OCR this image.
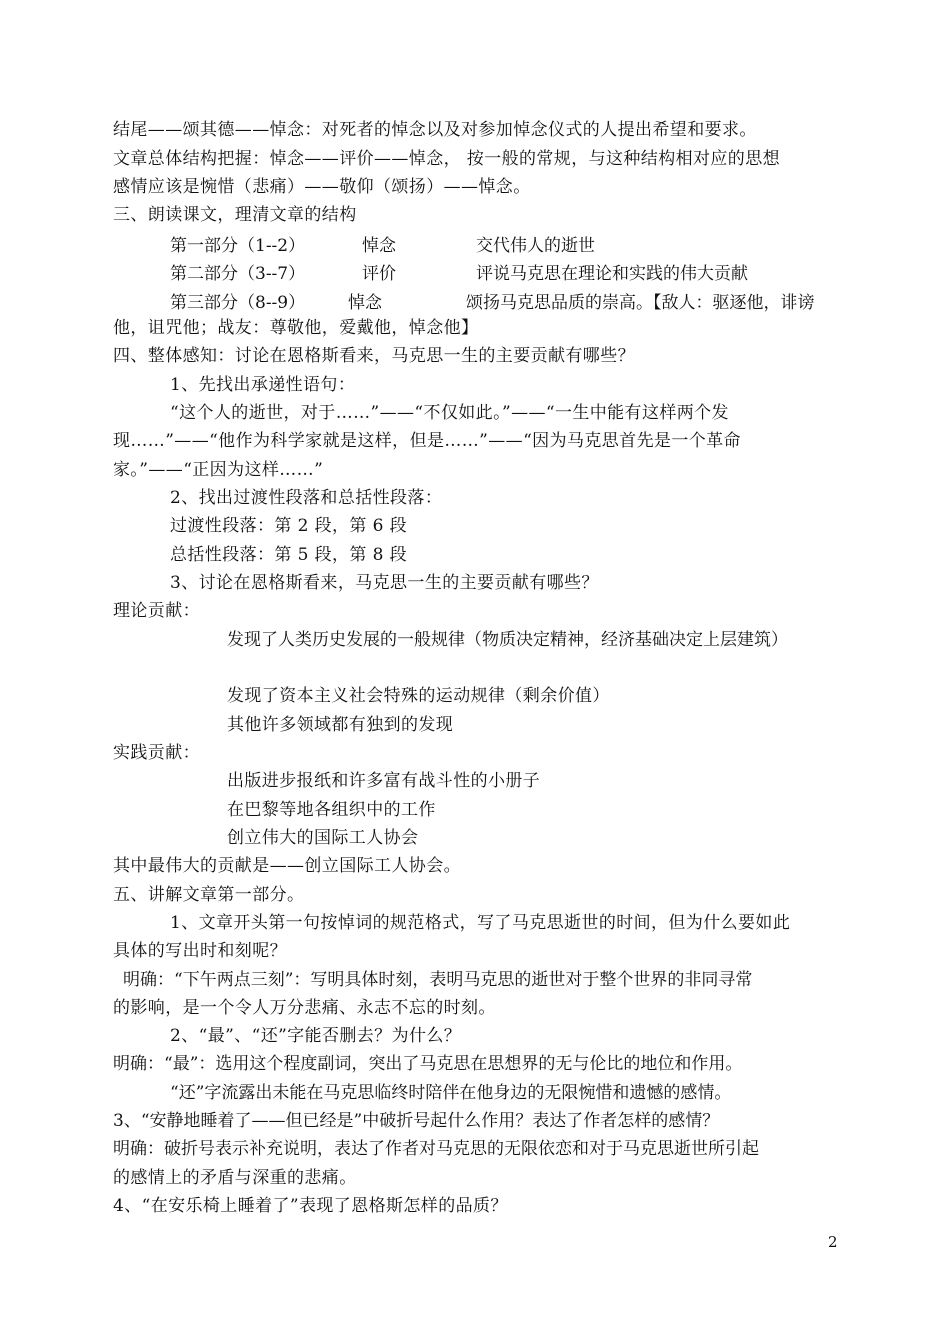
结尾——颂其德——悼念：对死者的悼念以及对参加悼念仪式的人提出希望和要求。
文章总体结构把握：悼念——评价——悼念， 按一般的常规，与这种结构相对应的思想
感情应该是惋惜（悲痛）——敬仰（颂扬）——悼念。
三、朗读课文，理清文章的结构
第一部分（1--2）	悼念	交代伟人的逝世
第二部分（3--7）	评价	评说马克思在理论和实践的伟大贡献
第三部分（8--9）	悼念	颂扬马克思品质的崇高。【敌人：驱逐他，诽谤
他，诅咒他；战友：尊敬他，爱戴他，悼念他】
四、整体感知：讨论在恩格斯看来，马克思一生的主要贡献有哪些？
1、先找出承递性语句：
“这个人的逝世，对于……”——“不仅如此。”——“一生中能有这样两个发
现……”——“他作为科学家就是这样，但是……”——“因为马克思首先是一个革命
家。”——“正因为这样……”
2、找出过渡性段落和总括性段落：
过渡性段落：第 2 段，第 6 段
总括性段落：第 5 段，第 8 段
3、讨论在恩格斯看来，马克思一生的主要贡献有哪些？
理论贡献：
发现了人类历史发展的一般规律（物质决定精神，经济基础决定上层建筑）
发现了资本主义社会特殊的运动规律（剩余价值）
其他许多领域都有独到的发现
实践贡献：
出版进步报纸和许多富有战斗性的小册子
在巴黎等地各组织中的工作
创立伟大的国际工人协会
其中最伟大的贡献是——创立国际工人协会。
五、讲解文章第一部分。
1、文章开头第一句按悼词的规范格式，写了马克思逝世的时间，但为什么要如此
具体的写出时和刻呢？
明确：“下午两点三刻”：写明具体时刻，表明马克思的逝世对于整个世界的非同寻常
的影响，是一个令人万分悲痛、永志不忘的时刻。
2、“最”、“还”字能否删去？为什么？
明确：“最”：选用这个程度副词，突出了马克思在思想界的无与伦比的地位和作用。
“还”字流露出未能在马克思临终时陪伴在他身边的无限惋惜和遗憾的感情。
3、“安静地睡着了——但已经是”中破折号起什么作用？表达了作者怎样的感情？
明确：破折号表示补充说明，表达了作者对马克思的无限依恋和对于马克思逝世所引起
的感情上的矛盾与深重的悲痛。
4、“在安乐椅上睡着了”表现了恩格斯怎样的品质？
2
